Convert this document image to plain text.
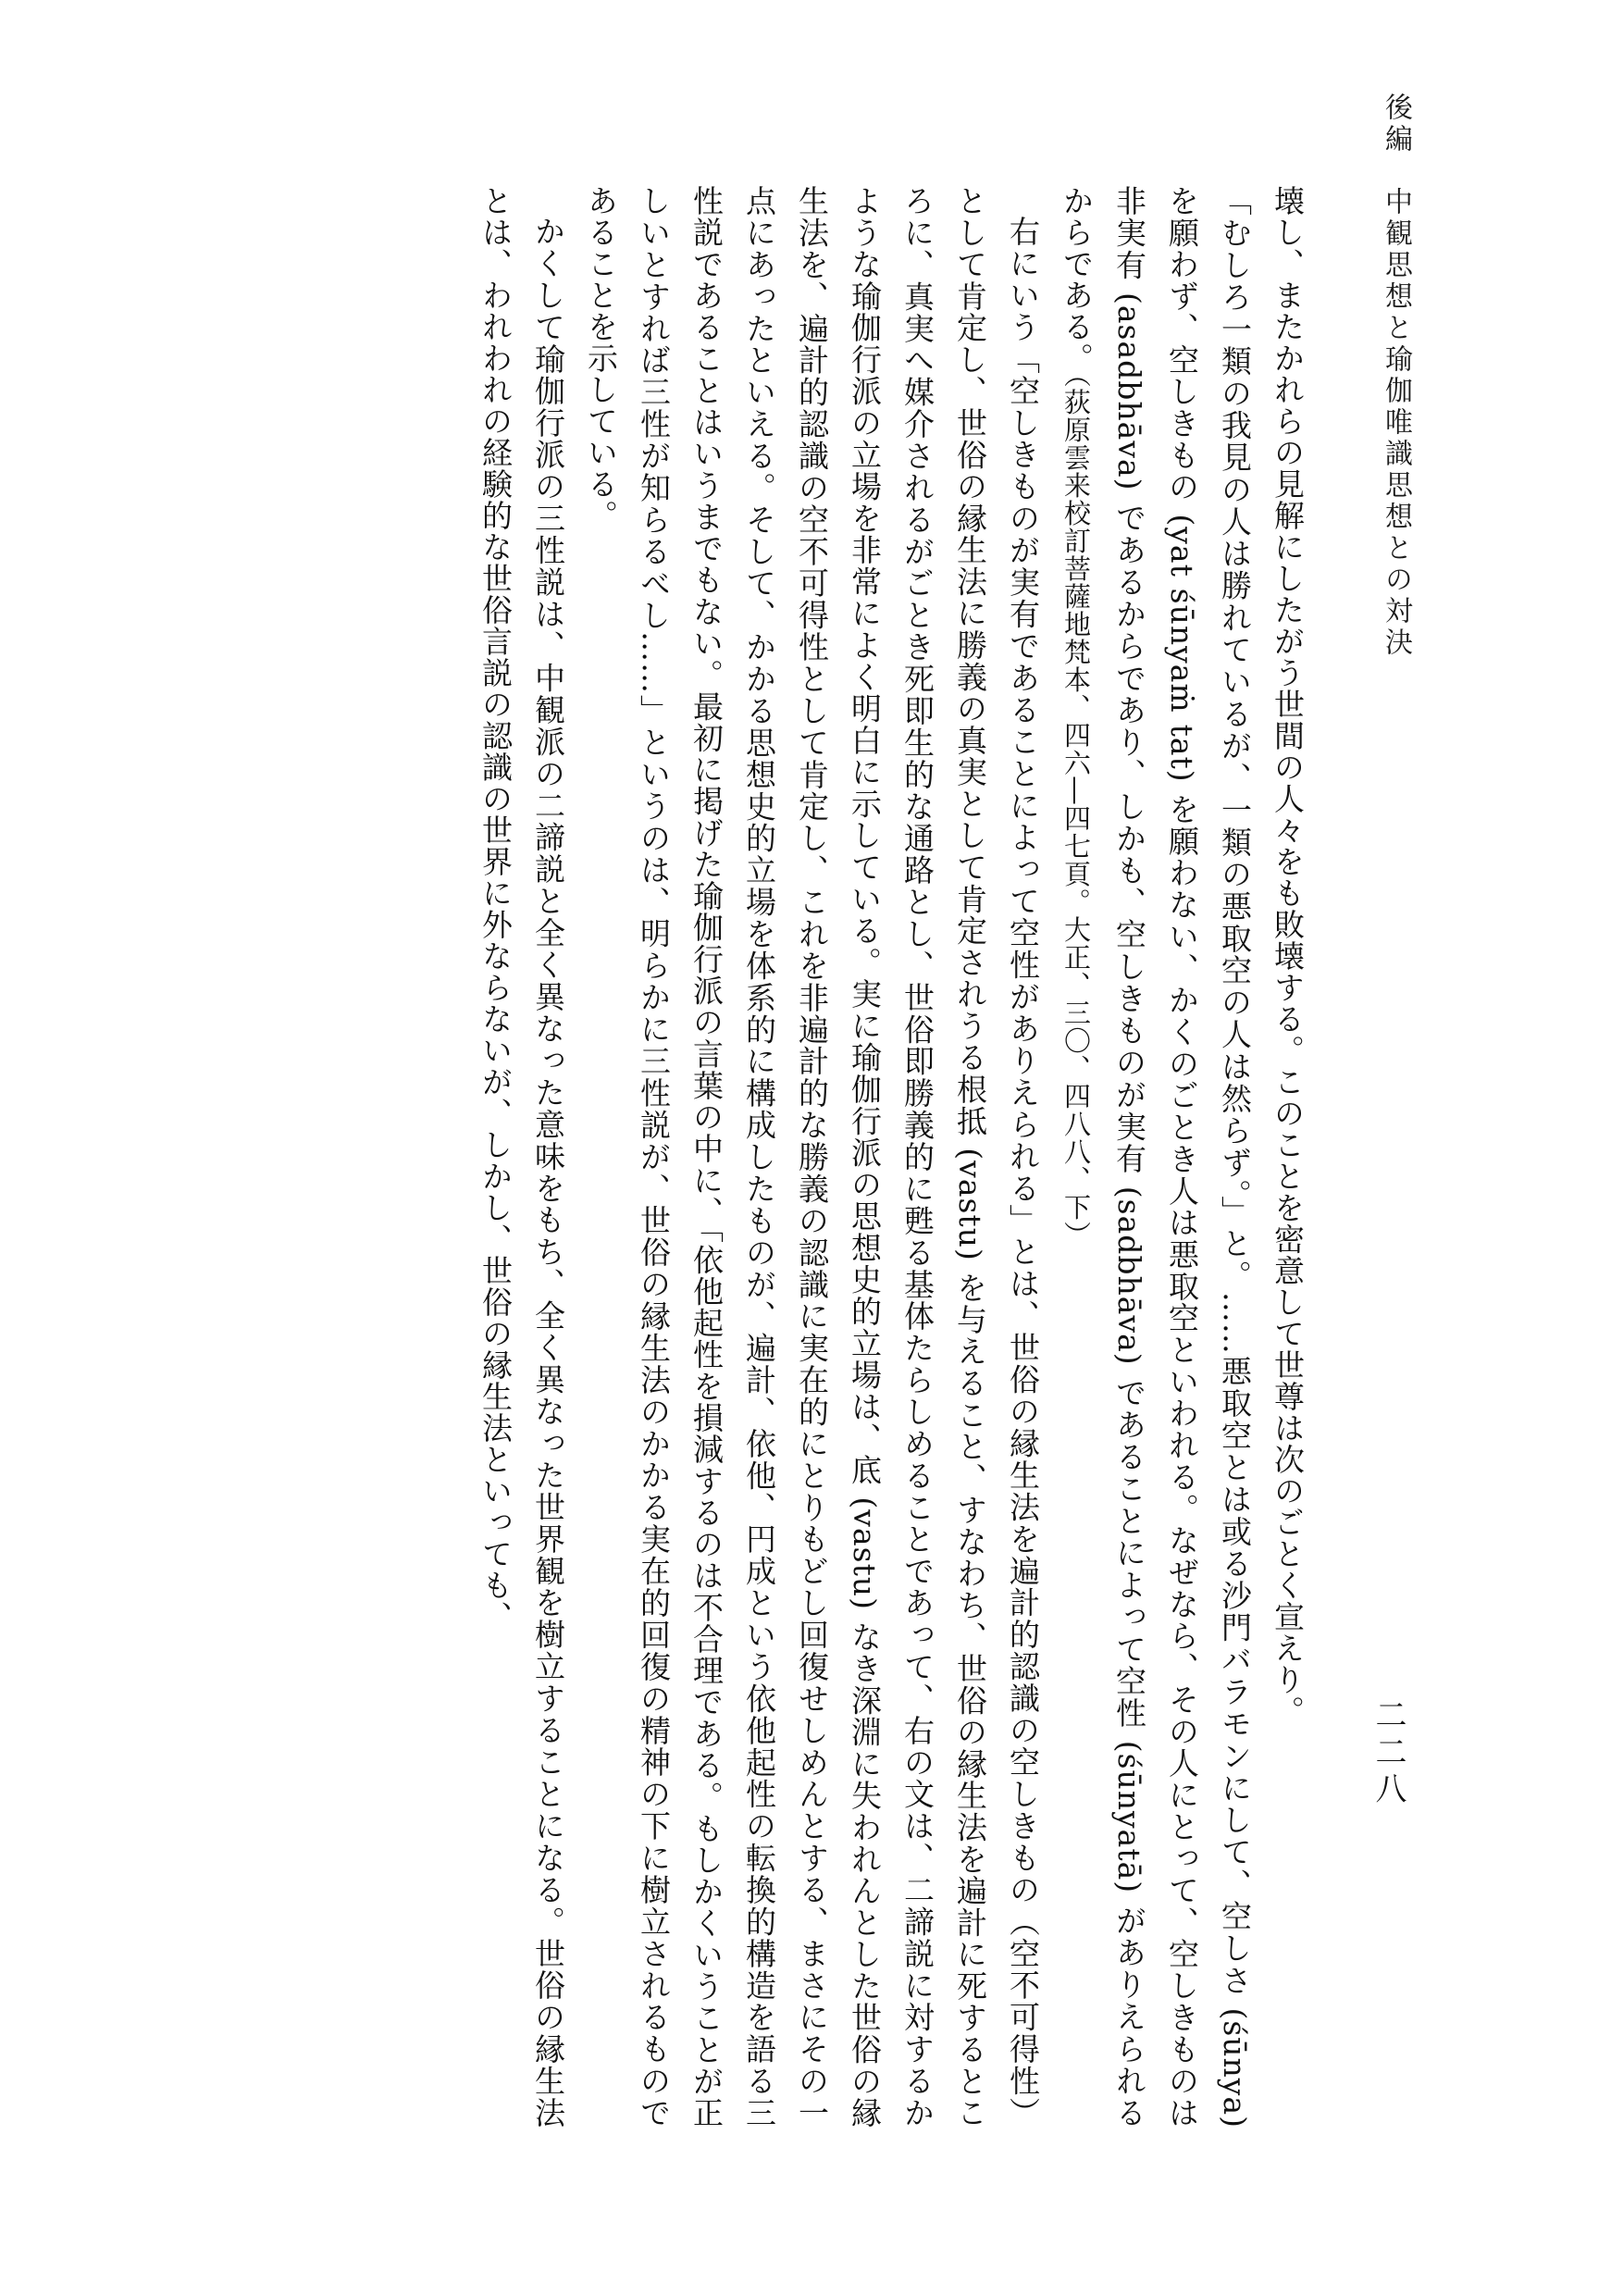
後編　中観思想と瑜伽唯識思想との対決
二二八

壊し、またかれらの見解にしたがう世間の人々をも敗壊する。このことを密意して世尊は次のごとく宣えり。

「むしろ一類の我見の人は勝れているが、一類の悪取空の人は然らず。」と。……悪取空とは或る沙門バラモンにして、空しさ (śūnya) を願わず、空しきもの (yat śūnyaṁ tat) を願わない、かくのごとき人は悪取空といわれる。なぜなら、その人にとって、空しきものは非実有 (asadbhāva) であるからであり、しかも、空しきものが実有 (sadbhāva) であることによって空性 (śūnyatā) がありえられるからである。（荻原雲来校訂菩薩地梵本、四六―四七頁。大正、三〇、四八八、下）

右にいう「空しきものが実有であることによって空性がありえられる」とは、世俗の縁生法を遍計的認識の空しきもの（空不可得性）として肯定し、世俗の縁生法に勝義の真実として肯定されうる根抵 (vastu) を与えること、すなわち、世俗の縁生法を遍計に死するところに、真実へ媒介されるがごとき死即生的な通路とし、世俗即勝義的に甦る基体たらしめることであって、右の文は、二諦説に対するかような瑜伽行派の立場を非常によく明白に示している。実に瑜伽行派の思想史的立場は、底 (vastu) なき深淵に失われんとした世俗の縁生法を、遍計的認識の空不可得性として肯定し、これを非遍計的な勝義の認識に実在的にとりもどし回復せしめんとする、まさにその一点にあったといえる。そして、かかる思想史的立場を体系的に構成したものが、遍計、依他、円成という依他起性の転換的構造を語る三性説であることはいうまでもない。最初に掲げた瑜伽行派の言葉の中に、「依他起性を損減するのは不合理である。もしかくいうことが正しいとすれば三性が知らるべし……」というのは、明らかに三性説が、世俗の縁生法のかかる実在的回復の精神の下に樹立されるものであることを示している。

かくして瑜伽行派の三性説は、中観派の二諦説と全く異なった意味をもち、全く異なった世界観を樹立することになる。世俗の縁生法とは、われわれの経験的な世俗言説の認識の世界に外ならないが、しかし、世俗の縁生法といっても、
